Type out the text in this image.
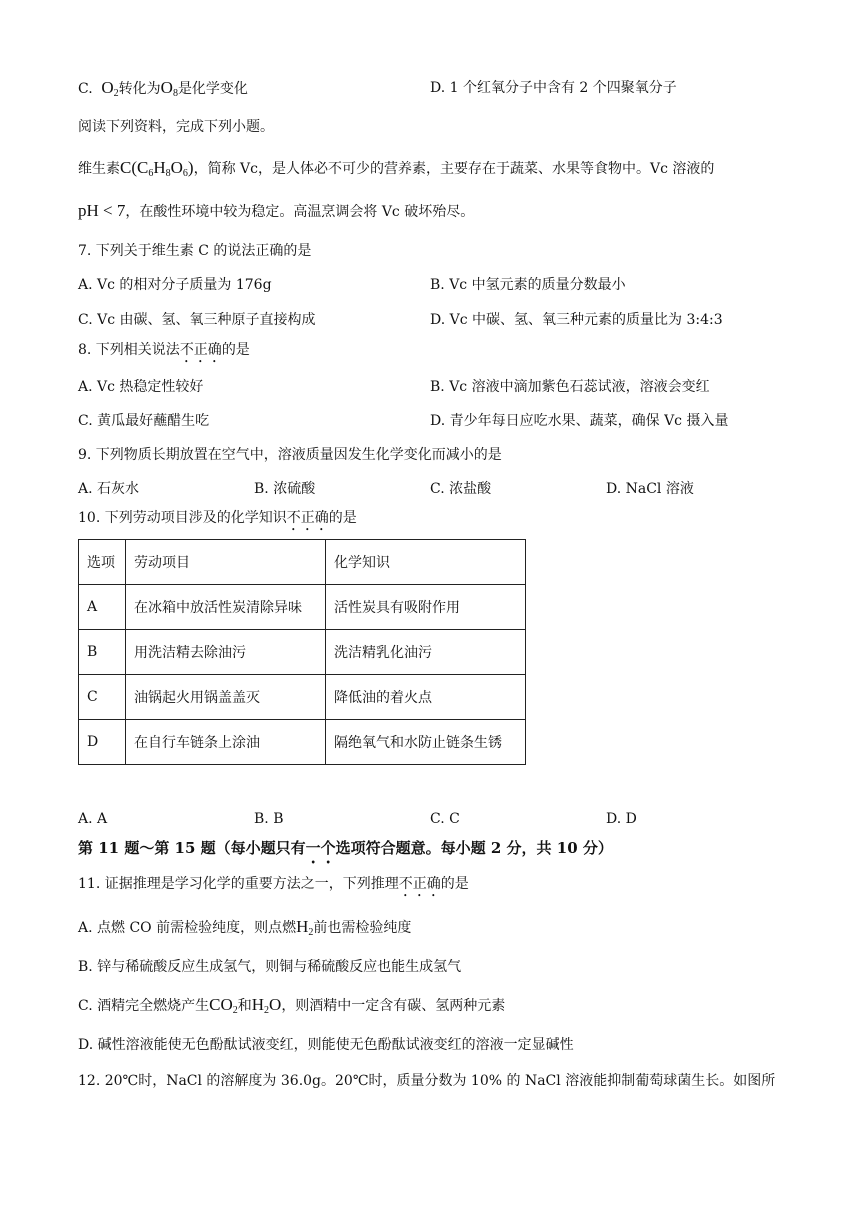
C. $O_2$转化为$O_8$是化学变化	D. 1 个红氧分子中含有 2 个四聚氧分子
阅读下列资料，完成下列小题。
维生素$C(C_6H_8O_6)$，简称 Vc，是人体必不可少的营养素，主要存在于蔬菜、水果等食物中。Vc 溶液的
pH < 7，在酸性环境中较为稳定。高温烹调会将 Vc 破坏殆尽。
7. 下列关于维生素 C 的说法正确的是
A. Vc 的相对分子质量为 176g	B. Vc 中氢元素的质量分数最小
C. Vc 由碳、氢、氧三种原子直接构成	D. Vc 中碳、氢、氧三种元素的质量比为 3:4:3
8. 下列相关说法不正确的是
A. Vc 热稳定性较好	B. Vc 溶液中滴加紫色石蕊试液，溶液会变红
C. 黄瓜最好蘸醋生吃	D. 青少年每日应吃水果、蔬菜，确保 Vc 摄入量
9. 下列物质长期放置在空气中，溶液质量因发生化学变化而减小的是
A. 石灰水	B. 浓硫酸	C. 浓盐酸	D. NaCl 溶液
10. 下列劳动项目涉及的化学知识不正确的是
选项	劳动项目	化学知识
A	在冰箱中放活性炭清除异味	活性炭具有吸附作用
B	用洗洁精去除油污	洗洁精乳化油污
C	油锅起火用锅盖盖灭	降低油的着火点
D	在自行车链条上涂油	隔绝氧气和水防止链条生锈
A. A	B. B	C. C	D. D
第 11 题～第 15 题（每小题只有一个选项符合题意。每小题 2 分，共 10 分）
11. 证据推理是学习化学的重要方法之一，下列推理不正确的是
A. 点燃 CO 前需检验纯度，则点燃$H_2$前也需检验纯度
B. 锌与稀硫酸反应生成氢气，则铜与稀硫酸反应也能生成氢气
C. 酒精完全燃烧产生$CO_2$和$H_2O$，则酒精中一定含有碳、氢两种元素
D. 碱性溶液能使无色酚酞试液变红，则能使无色酚酞试液变红的溶液一定显碱性
12. 20℃时，NaCl 的溶解度为 36.0g。20℃时，质量分数为 10% 的 NaCl 溶液能抑制葡萄球菌生长。如图所
